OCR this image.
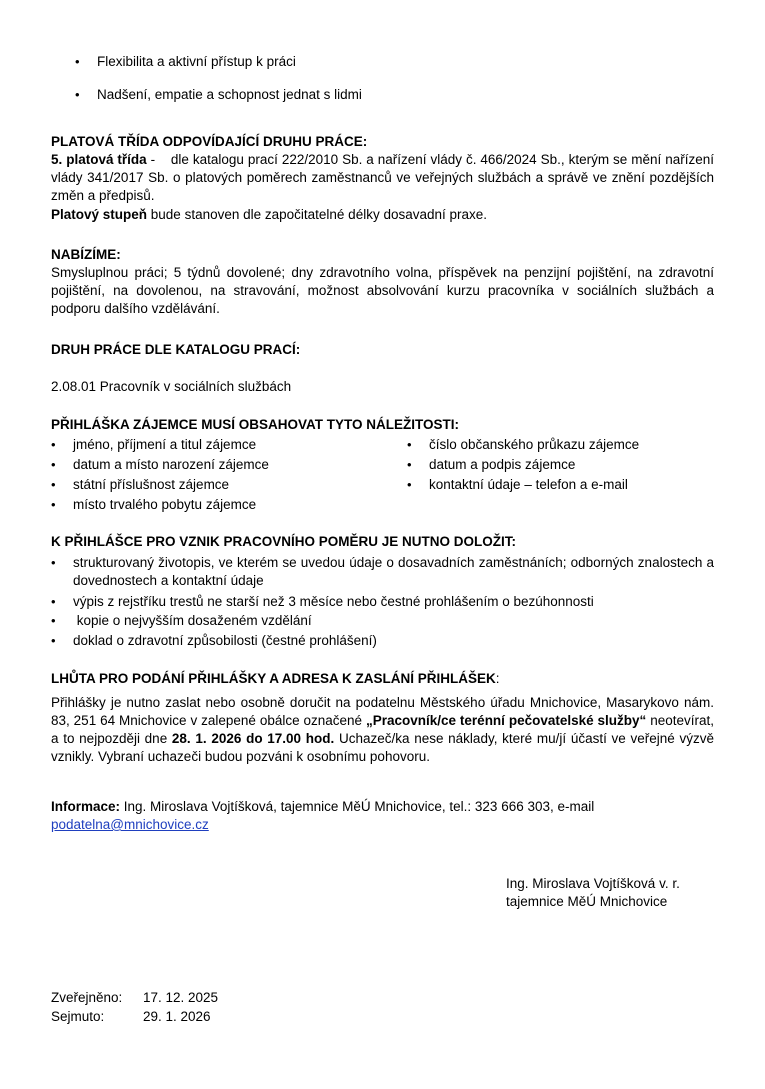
• Flexibilita a aktivní přístup k práci
• Nadšení, empatie a schopnost jednat s lidmi
PLATOVÁ TŘÍDA ODPOVÍDAJÍCÍ DRUHU PRÁCE:
5. platová třída - dle katalogu prací 222/2010 Sb. a nařízení vlády č. 466/2024 Sb., kterým se mění nařízení vlády 341/2017 Sb. o platových poměrech zaměstnanců ve veřejných službách a správě ve znění pozdějších změn a předpisů.
Platový stupeň bude stanoven dle započitatelné délky dosavadní praxe.
NABÍZÍME:
Smysluplnou práci; 5 týdnů dovolené; dny zdravotního volna, příspěvek na penzijní pojištění, na zdravotní pojištění, na dovolenou, na stravování, možnost absolvování kurzu pracovníka v sociálních službách a podporu dalšího vzdělávání.
DRUH PRÁCE DLE KATALOGU PRACÍ:
2.08.01 Pracovník v sociálních službách
PŘIHLÁŠKA ZÁJEMCE MUSÍ OBSAHOVAT TYTO NÁLEŽITOSTI:
• jméno, příjmení a titul zájemce
• datum a místo narození zájemce
• státní příslušnost zájemce
• místo trvalého pobytu zájemce
• číslo občanského průkazu zájemce
• datum a podpis zájemce
• kontaktní údaje – telefon a e-mail
K PŘIHLÁŠCE PRO VZNIK PRACOVNÍHO POMĚRU JE NUTNO DOLOŽIT:
• strukturovaný životopis, ve kterém se uvedou údaje o dosavadních zaměstnáních; odborných znalostech a dovednostech a kontaktní údaje
• výpis z rejstříku trestů ne starší než 3 měsíce nebo čestné prohlášením o bezúhonnosti
•  kopie o nejvyšším dosaženém vzdělání
• doklad o zdravotní způsobilosti (čestné prohlášení)
LHŮTA PRO PODÁNÍ PŘIHLÁŠKY A ADRESA K ZASLÁNÍ PŘIHLÁŠEK:
Přihlášky je nutno zaslat nebo osobně doručit na podatelnu Městského úřadu Mnichovice, Masarykovo nám. 83, 251 64 Mnichovice v zalepené obálce označené „Pracovník/ce terénní pečovatelské služby“ neotevírat, a to nejpozději dne 28. 1. 2026 do 17.00 hod. Uchazeč/ka nese náklady, které mu/jí účastí ve veřejné výzvě vznikly. Vybraní uchazeči budou pozváni k osobnímu pohovoru.
Informace: Ing. Miroslava Vojtíšková, tajemnice MěÚ Mnichovice, tel.: 323 666 303, e-mail
podatelna@mnichovice.cz
Ing. Miroslava Vojtíšková v. r.
tajemnice MěÚ Mnichovice
Zveřejněno: 17. 12. 2025
Sejmuto:	29. 1. 2026
